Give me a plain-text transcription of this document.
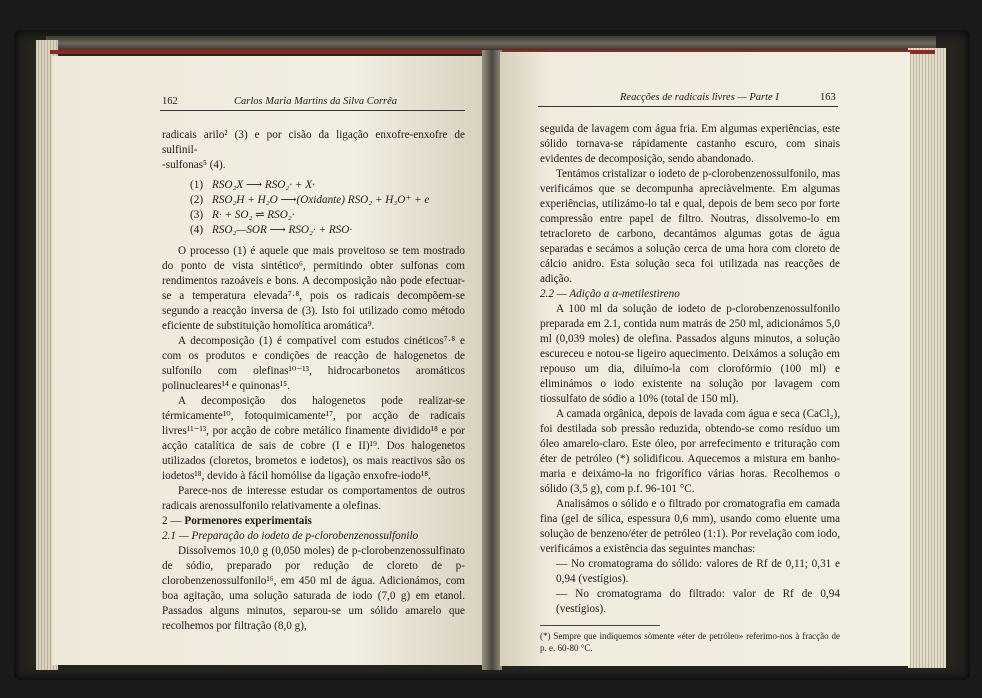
162	Carlos Maria Martins da Silva Corrêa

radicais arilo² (3) e por cisão da ligação enxofre-enxofre de sulfinil-

-sulfonas⁵ (4).

(1) RSO₂X ⟶ RSO₂· + X·

(2) RSO₂H + H₂O ⟶(Oxidante) RSO₂ + H₃O⁺ + e

(3) R· + SO₂ ⇌ RSO₂·

(4) RSO₂—SOR ⟶ RSO₂· + RSO·

O processo (1) é aquele que mais proveitoso se tem mostrado do ponto de vista sintético⁶, permitindo obter sulfonas com rendimentos razoáveis e bons. A decomposição não pode efectuar-se a temperatura elevada⁷·⁸, pois os radicais decompõem-se segundo a reacção inversa de (3). Isto foi utilizado como método eficiente de substituição homolítica aromática⁹.

A decomposição (1) é compatível com estudos cinéticos⁷·⁸ e com os produtos e condições de reacção de halogenetos de sulfonilo com olefinas¹⁰⁻¹³, hidrocarbonetos aromáticos polinucleares¹⁴ e quinonas¹⁵.

A decomposição dos halogenetos pode realizar-se térmicamente¹⁰, fotoquimicamente¹⁷, por acção de radicais livres¹¹⁻¹³, por acção de cobre metálico finamente dividido¹⁸ e por acção catalítica de sais de cobre (I e II)¹⁹. Dos halogenetos utilizados (cloretos, brometos e iodetos), os mais reactivos são os iodetos¹⁸, devido à fácil homólise da ligação enxofre-iodo¹⁸.

Parece-nos de interesse estudar os comportamentos de outros radicais arenossulfonilo relativamente a olefinas.

2 — Pormenores experimentais

2.1 — Preparação do iodeto de p-clorobenzenossulfonilo

Dissolvemos 10,0 g (0,050 moles) de p-clorobenzenossulfinato de sódio, preparado por redução de cloreto de p-clorobenzenossulfonilo¹⁶, em 450 ml de água. Adicionámos, com boa agitação, uma solução saturada de iodo (7,0 g) em etanol. Passados alguns minutos, separou-se um sólido amarelo que recolhemos por filtração (8,0 g),

Reacções de radicais livres — Parte I	163

seguida de lavagem com água fria. Em algumas experiências, este sólido tornava-se rápidamente castanho escuro, com sinais evidentes de decomposição, sendo abandonado.

Tentámos cristalizar o iodeto de p-clorobenzenossulfonilo, mas verificámos que se decompunha apreciàvelmente. Em algumas experiências, utilizámo-lo tal e qual, depois de bem seco por forte compressão entre papel de filtro. Noutras, dissolvemo-lo em tetracloreto de carbono, decantámos algumas gotas de água separadas e secámos a solução cerca de uma hora com cloreto de cálcio anidro. Esta solução seca foi utilizada nas reacções de adição.

2.2 — Adição a α-metilestireno

A 100 ml da solução de iodeto de p-clorobenzenossulfonilo preparada em 2.1, contida num matrás de 250 ml, adicionámos 5,0 ml (0,039 moles) de olefina. Passados alguns minutos, a solução escureceu e notou-se ligeiro aquecimento. Deixámos a solução em repouso um dia, diluímo-la com clorofórmio (100 ml) e eliminámos o iodo existente na solução por lavagem com tiossulfato de sódio a 10% (total de 150 ml).

A camada orgânica, depois de lavada com água e seca (CaCl₂), foi destilada sob pressão reduzida, obtendo-se como resíduo um óleo amarelo-claro. Este óleo, por arrefecimento e trituração com éter de petróleo (*) solidificou. Aquecemos a mistura em banho-maria e deixámo-la no frigorífico várias horas. Recolhemos o sólido (3,5 g), com p.f. 96-101 °C.

Analisámos o sólido e o filtrado por cromatografia em camada fina (gel de sílica, espessura 0,6 mm), usando como eluente uma solução de benzeno/éter de petróleo (1:1). Por revelação com iodo, verificámos a existência das seguintes manchas:

— No cromatograma do sólido: valores de Rf de 0,11; 0,31 e 0,94 (vestígios).

— No cromatograma do filtrado: valor de Rf de 0,94 (vestígios).

(*) Sempre que indiquemos sòmente «éter de petróleo» referimo-nos à fracção de p. e. 60-80 °C.
